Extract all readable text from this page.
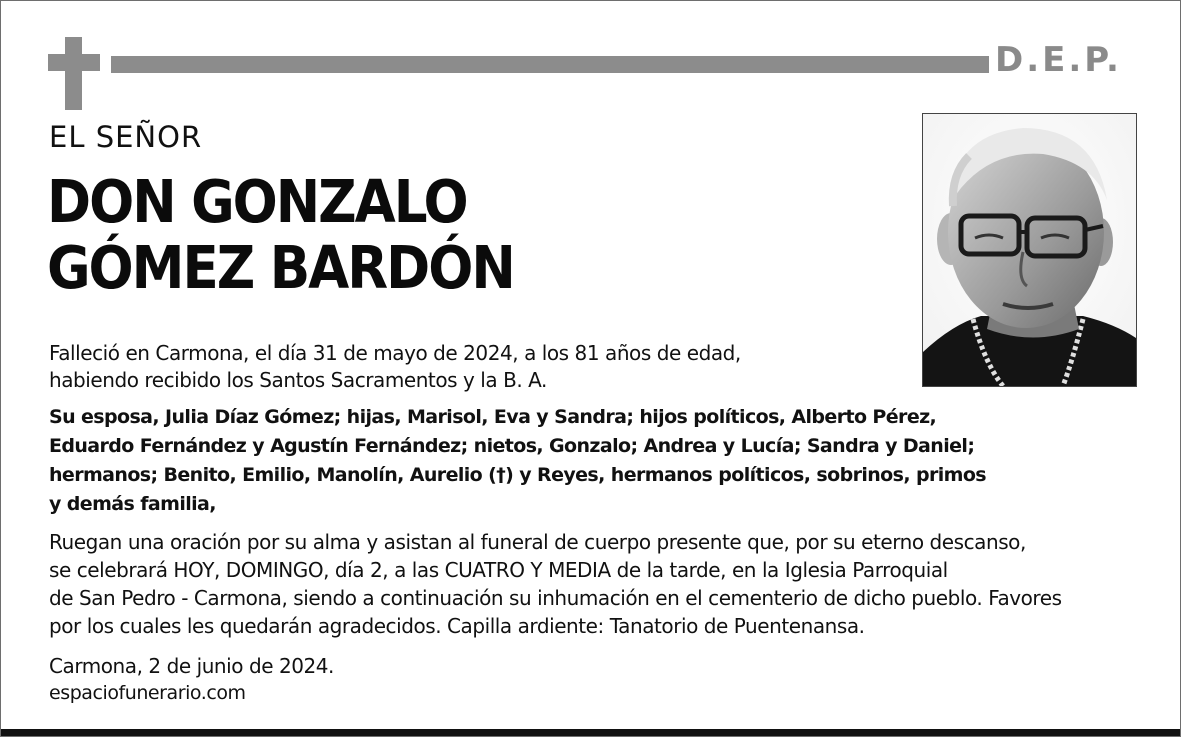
D.E.P.
EL SEÑOR
DON GONZALO
GÓMEZ BARDÓN
Falleció en Carmona, el día 31 de mayo de 2024, a los 81 años de edad,
habiendo recibido los Santos Sacramentos y la B. A.
Su esposa, Julia Díaz Gómez; hijas, Marisol, Eva y Sandra; hijos políticos, Alberto Pérez,
Eduardo Fernández y Agustín Fernández; nietos, Gonzalo; Andrea y Lucía; Sandra y Daniel;
hermanos; Benito, Emilio, Manolín, Aurelio (†) y Reyes, hermanos políticos, sobrinos, primos
y demás familia,
Ruegan una oración por su alma y asistan al funeral de cuerpo presente que, por su eterno descanso,
se celebrará HOY, DOMINGO, día 2, a las CUATRO Y MEDIA de la tarde, en la Iglesia Parroquial
de San Pedro - Carmona, siendo a continuación su inhumación en el cementerio de dicho pueblo. Favores
por los cuales les quedarán agradecidos. Capilla ardiente: Tanatorio de Puentenansa.
Carmona, 2 de junio de 2024.
espaciofunerario.com
